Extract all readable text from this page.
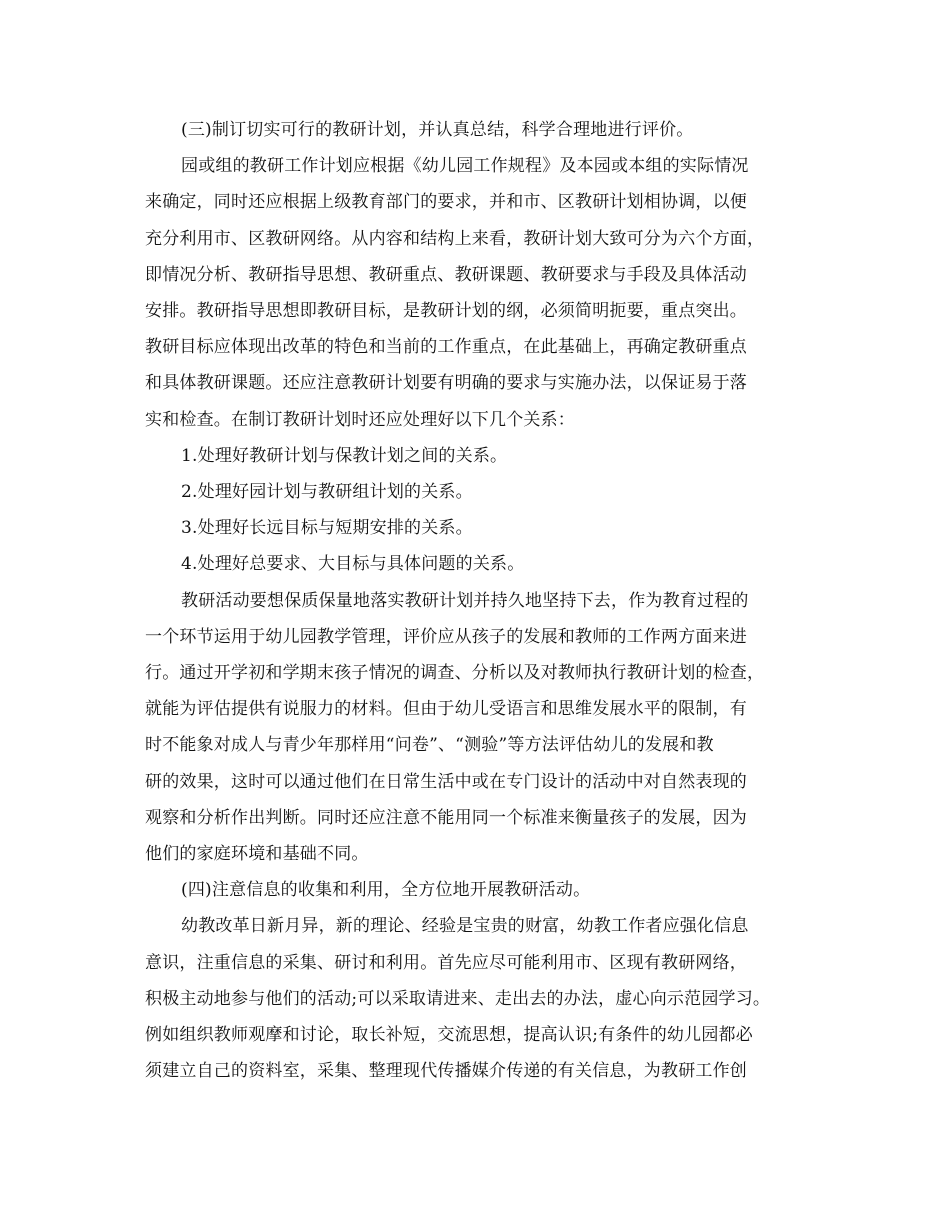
(三)制订切实可行的教研计划，并认真总结，科学合理地进行评价。
园或组的教研工作计划应根据《幼儿园工作规程》及本园或本组的实际情况
来确定，同时还应根据上级教育部门的要求，并和市、区教研计划相协调，以便
充分利用市、区教研网络。从内容和结构上来看，教研计划大致可分为六个方面，
即情况分析、教研指导思想、教研重点、教研课题、教研要求与手段及具体活动
安排。教研指导思想即教研目标，是教研计划的纲，必须简明扼要，重点突出。
教研目标应体现出改革的特色和当前的工作重点，在此基础上，再确定教研重点
和具体教研课题。还应注意教研计划要有明确的要求与实施办法，以保证易于落
实和检查。在制订教研计划时还应处理好以下几个关系：
1.处理好教研计划与保教计划之间的关系。
2.处理好园计划与教研组计划的关系。
3.处理好长远目标与短期安排的关系。
4.处理好总要求、大目标与具体问题的关系。
教研活动要想保质保量地落实教研计划并持久地坚持下去，作为教育过程的
一个环节运用于幼儿园教学管理，评价应从孩子的发展和教师的工作两方面来进
行。通过开学初和学期末孩子情况的调查、分析以及对教师执行教研计划的检查，
就能为评估提供有说服力的材料。但由于幼儿受语言和思维发展水平的限制，有
时不能象对成人与青少年那样用“问卷”、“测验”等方法评估幼儿的发展和教
研的效果，这时可以通过他们在日常生活中或在专门设计的活动中对自然表现的
观察和分析作出判断。同时还应注意不能用同一个标准来衡量孩子的发展，因为
他们的家庭环境和基础不同。
(四)注意信息的收集和利用，全方位地开展教研活动。
幼教改革日新月异，新的理论、经验是宝贵的财富，幼教工作者应强化信息
意识，注重信息的采集、研讨和利用。首先应尽可能利用市、区现有教研网络，
积极主动地参与他们的活动;可以采取请进来、走出去的办法，虚心向示范园学习。
例如组织教师观摩和讨论，取长补短，交流思想，提高认识;有条件的幼儿园都必
须建立自己的资料室，采集、整理现代传播媒介传递的有关信息，为教研工作创
